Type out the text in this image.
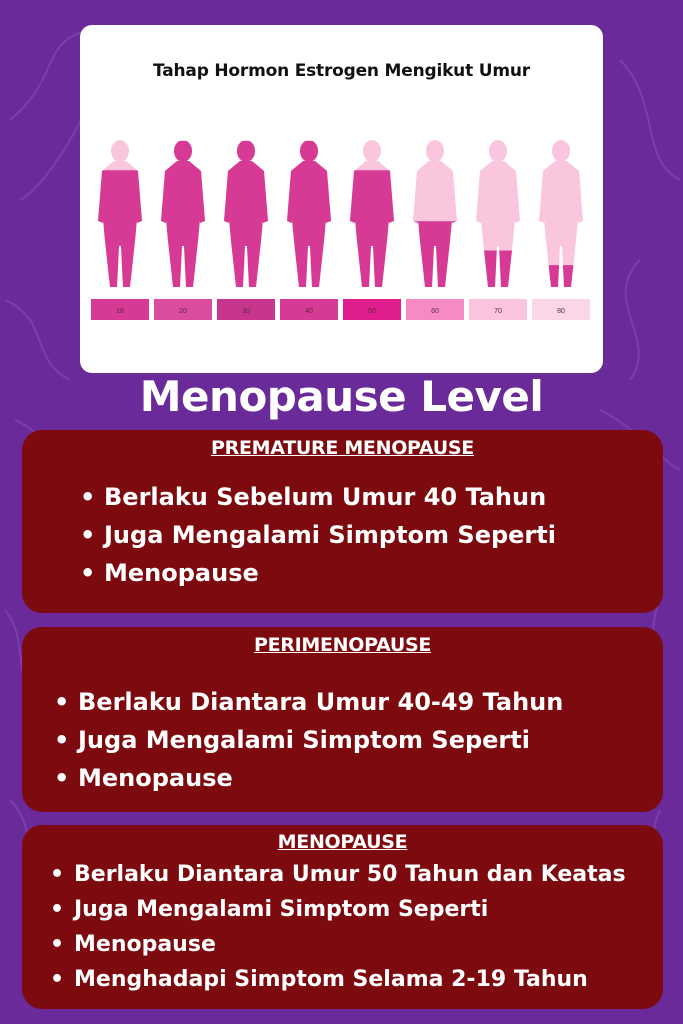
Tahap Hormon Estrogen Mengikut Umur
18	20	30	40	50	60	70	80
Menopause Level
PREMATURE MENOPAUSE
• Berlaku Sebelum Umur 40 Tahun
• Juga Mengalami Simptom Seperti
• Menopause
PERIMENOPAUSE
• Berlaku Diantara Umur 40-49 Tahun
• Juga Mengalami Simptom Seperti
• Menopause
MENOPAUSE
• Berlaku Diantara Umur 50 Tahun dan Keatas
• Juga Mengalami Simptom Seperti
• Menopause
• Menghadapi Simptom Selama 2-19 Tahun
